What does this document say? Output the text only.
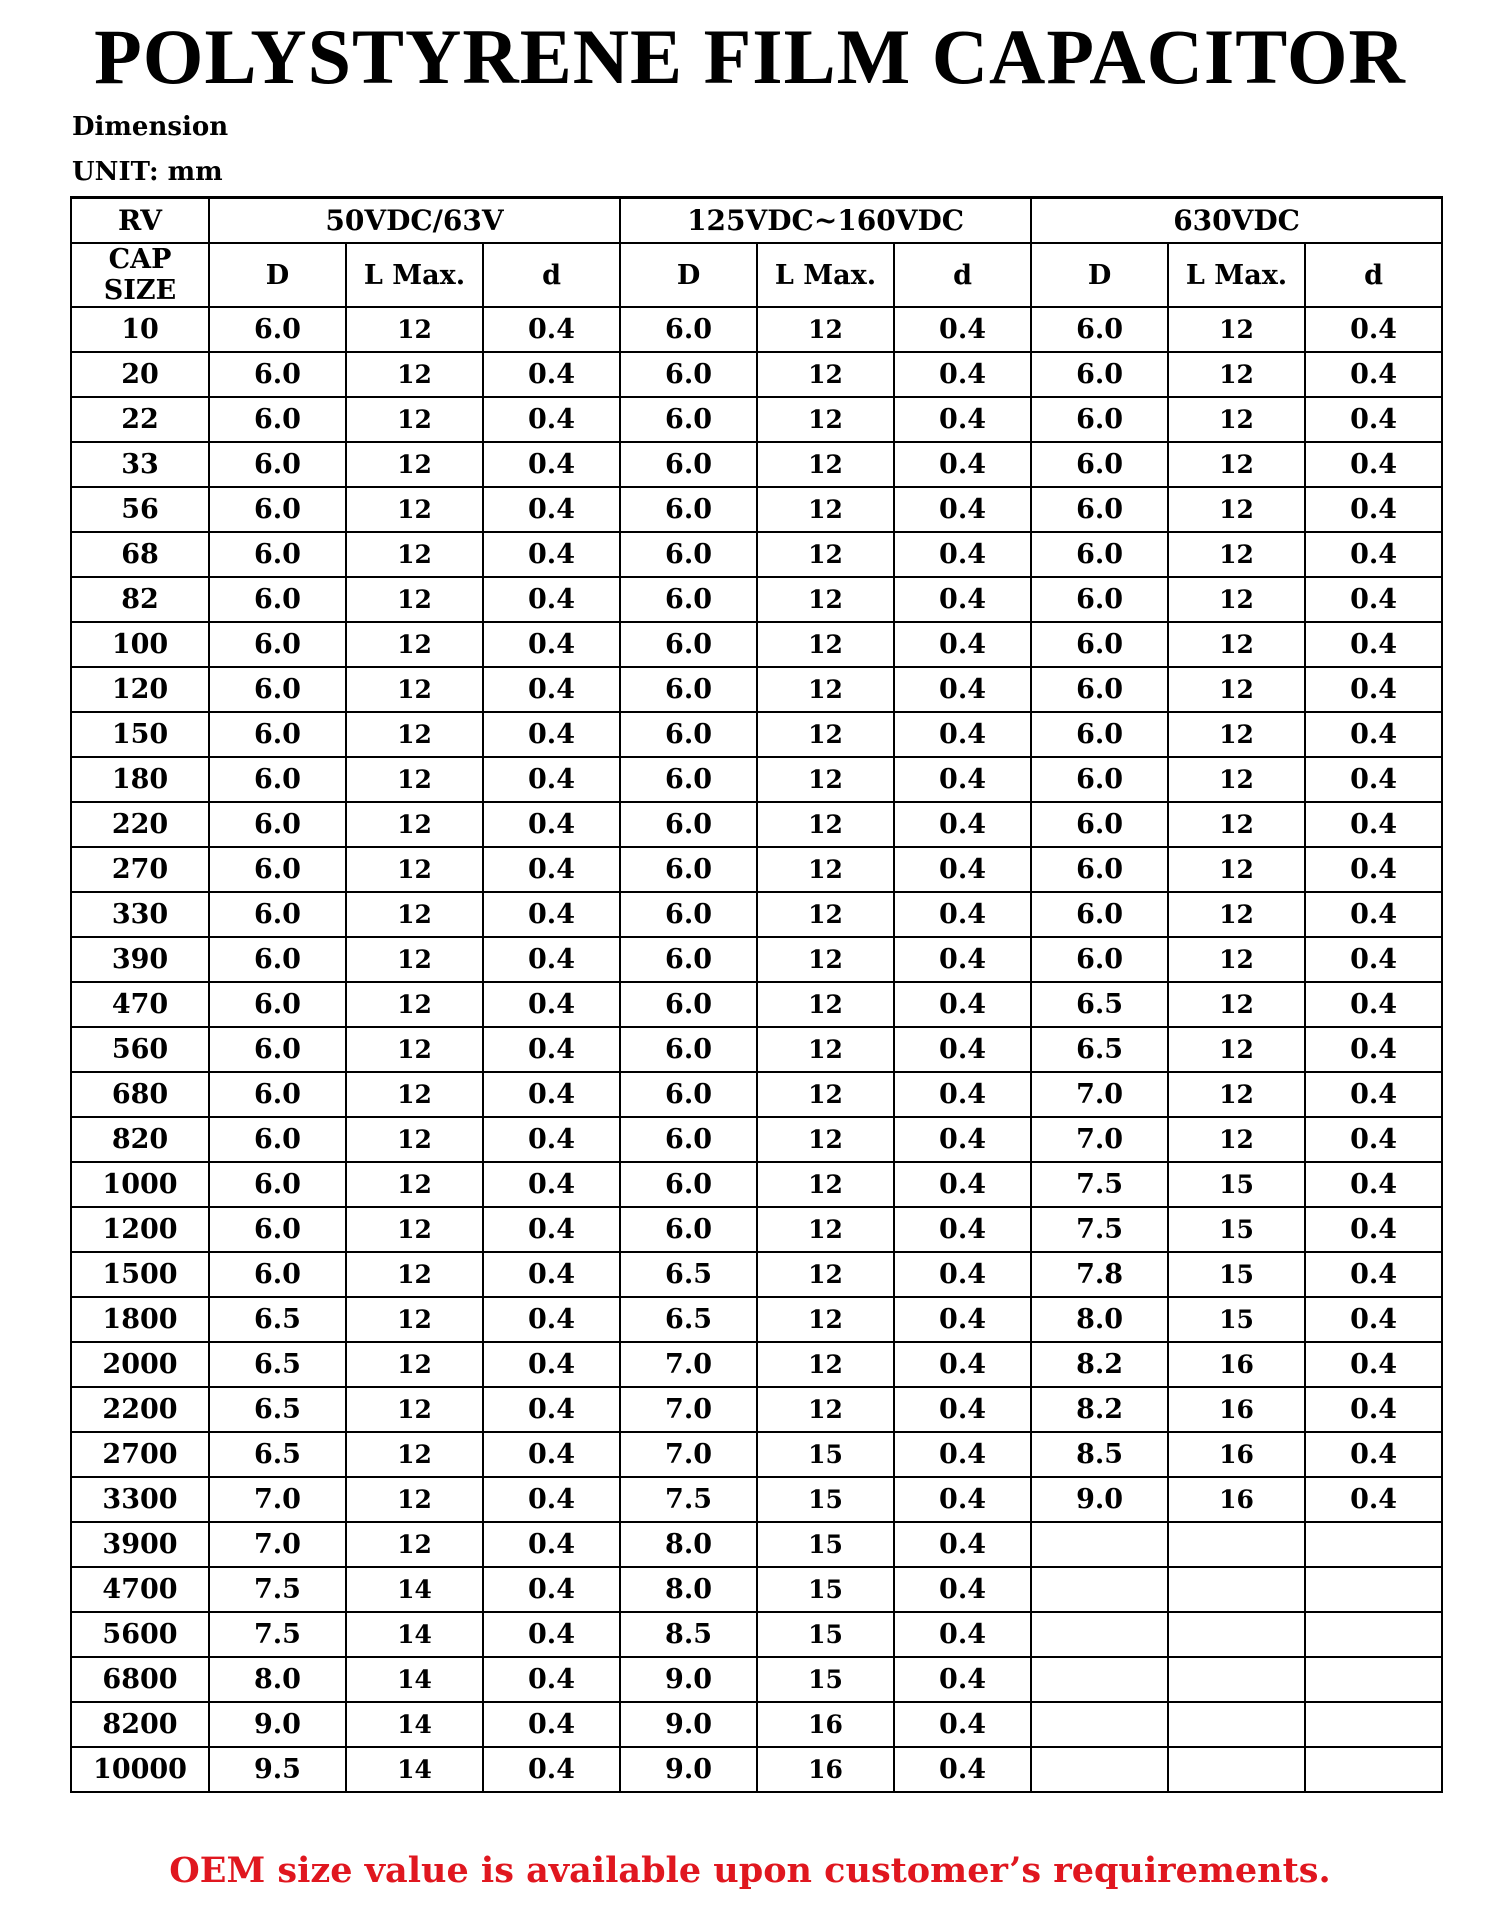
POLYSTYRENE FILM CAPACITOR
Dimension
UNIT: mm
RV	50VDC/63V			125VDC~160VDC			630VDC		
CAP SIZE	D	L Max.	d	D	L Max.	d	D	L Max.	d
10	6.0	12	0.4	6.0	12	0.4	6.0	12	0.4
20	6.0	12	0.4	6.0	12	0.4	6.0	12	0.4
22	6.0	12	0.4	6.0	12	0.4	6.0	12	0.4
33	6.0	12	0.4	6.0	12	0.4	6.0	12	0.4
56	6.0	12	0.4	6.0	12	0.4	6.0	12	0.4
68	6.0	12	0.4	6.0	12	0.4	6.0	12	0.4
82	6.0	12	0.4	6.0	12	0.4	6.0	12	0.4
100	6.0	12	0.4	6.0	12	0.4	6.0	12	0.4
120	6.0	12	0.4	6.0	12	0.4	6.0	12	0.4
150	6.0	12	0.4	6.0	12	0.4	6.0	12	0.4
180	6.0	12	0.4	6.0	12	0.4	6.0	12	0.4
220	6.0	12	0.4	6.0	12	0.4	6.0	12	0.4
270	6.0	12	0.4	6.0	12	0.4	6.0	12	0.4
330	6.0	12	0.4	6.0	12	0.4	6.0	12	0.4
390	6.0	12	0.4	6.0	12	0.4	6.0	12	0.4
470	6.0	12	0.4	6.0	12	0.4	6.5	12	0.4
560	6.0	12	0.4	6.0	12	0.4	6.5	12	0.4
680	6.0	12	0.4	6.0	12	0.4	7.0	12	0.4
820	6.0	12	0.4	6.0	12	0.4	7.0	12	0.4
1000	6.0	12	0.4	6.0	12	0.4	7.5	15	0.4
1200	6.0	12	0.4	6.0	12	0.4	7.5	15	0.4
1500	6.0	12	0.4	6.5	12	0.4	7.8	15	0.4
1800	6.5	12	0.4	6.5	12	0.4	8.0	15	0.4
2000	6.5	12	0.4	7.0	12	0.4	8.2	16	0.4
2200	6.5	12	0.4	7.0	12	0.4	8.2	16	0.4
2700	6.5	12	0.4	7.0	15	0.4	8.5	16	0.4
3300	7.0	12	0.4	7.5	15	0.4	9.0	16	0.4
3900	7.0	12	0.4	8.0	15	0.4			
4700	7.5	14	0.4	8.0	15	0.4			
5600	7.5	14	0.4	8.5	15	0.4			
6800	8.0	14	0.4	9.0	15	0.4			
8200	9.0	14	0.4	9.0	16	0.4			
10000	9.5	14	0.4	9.0	16	0.4			
OEM size value is available upon customer’s requirements.
